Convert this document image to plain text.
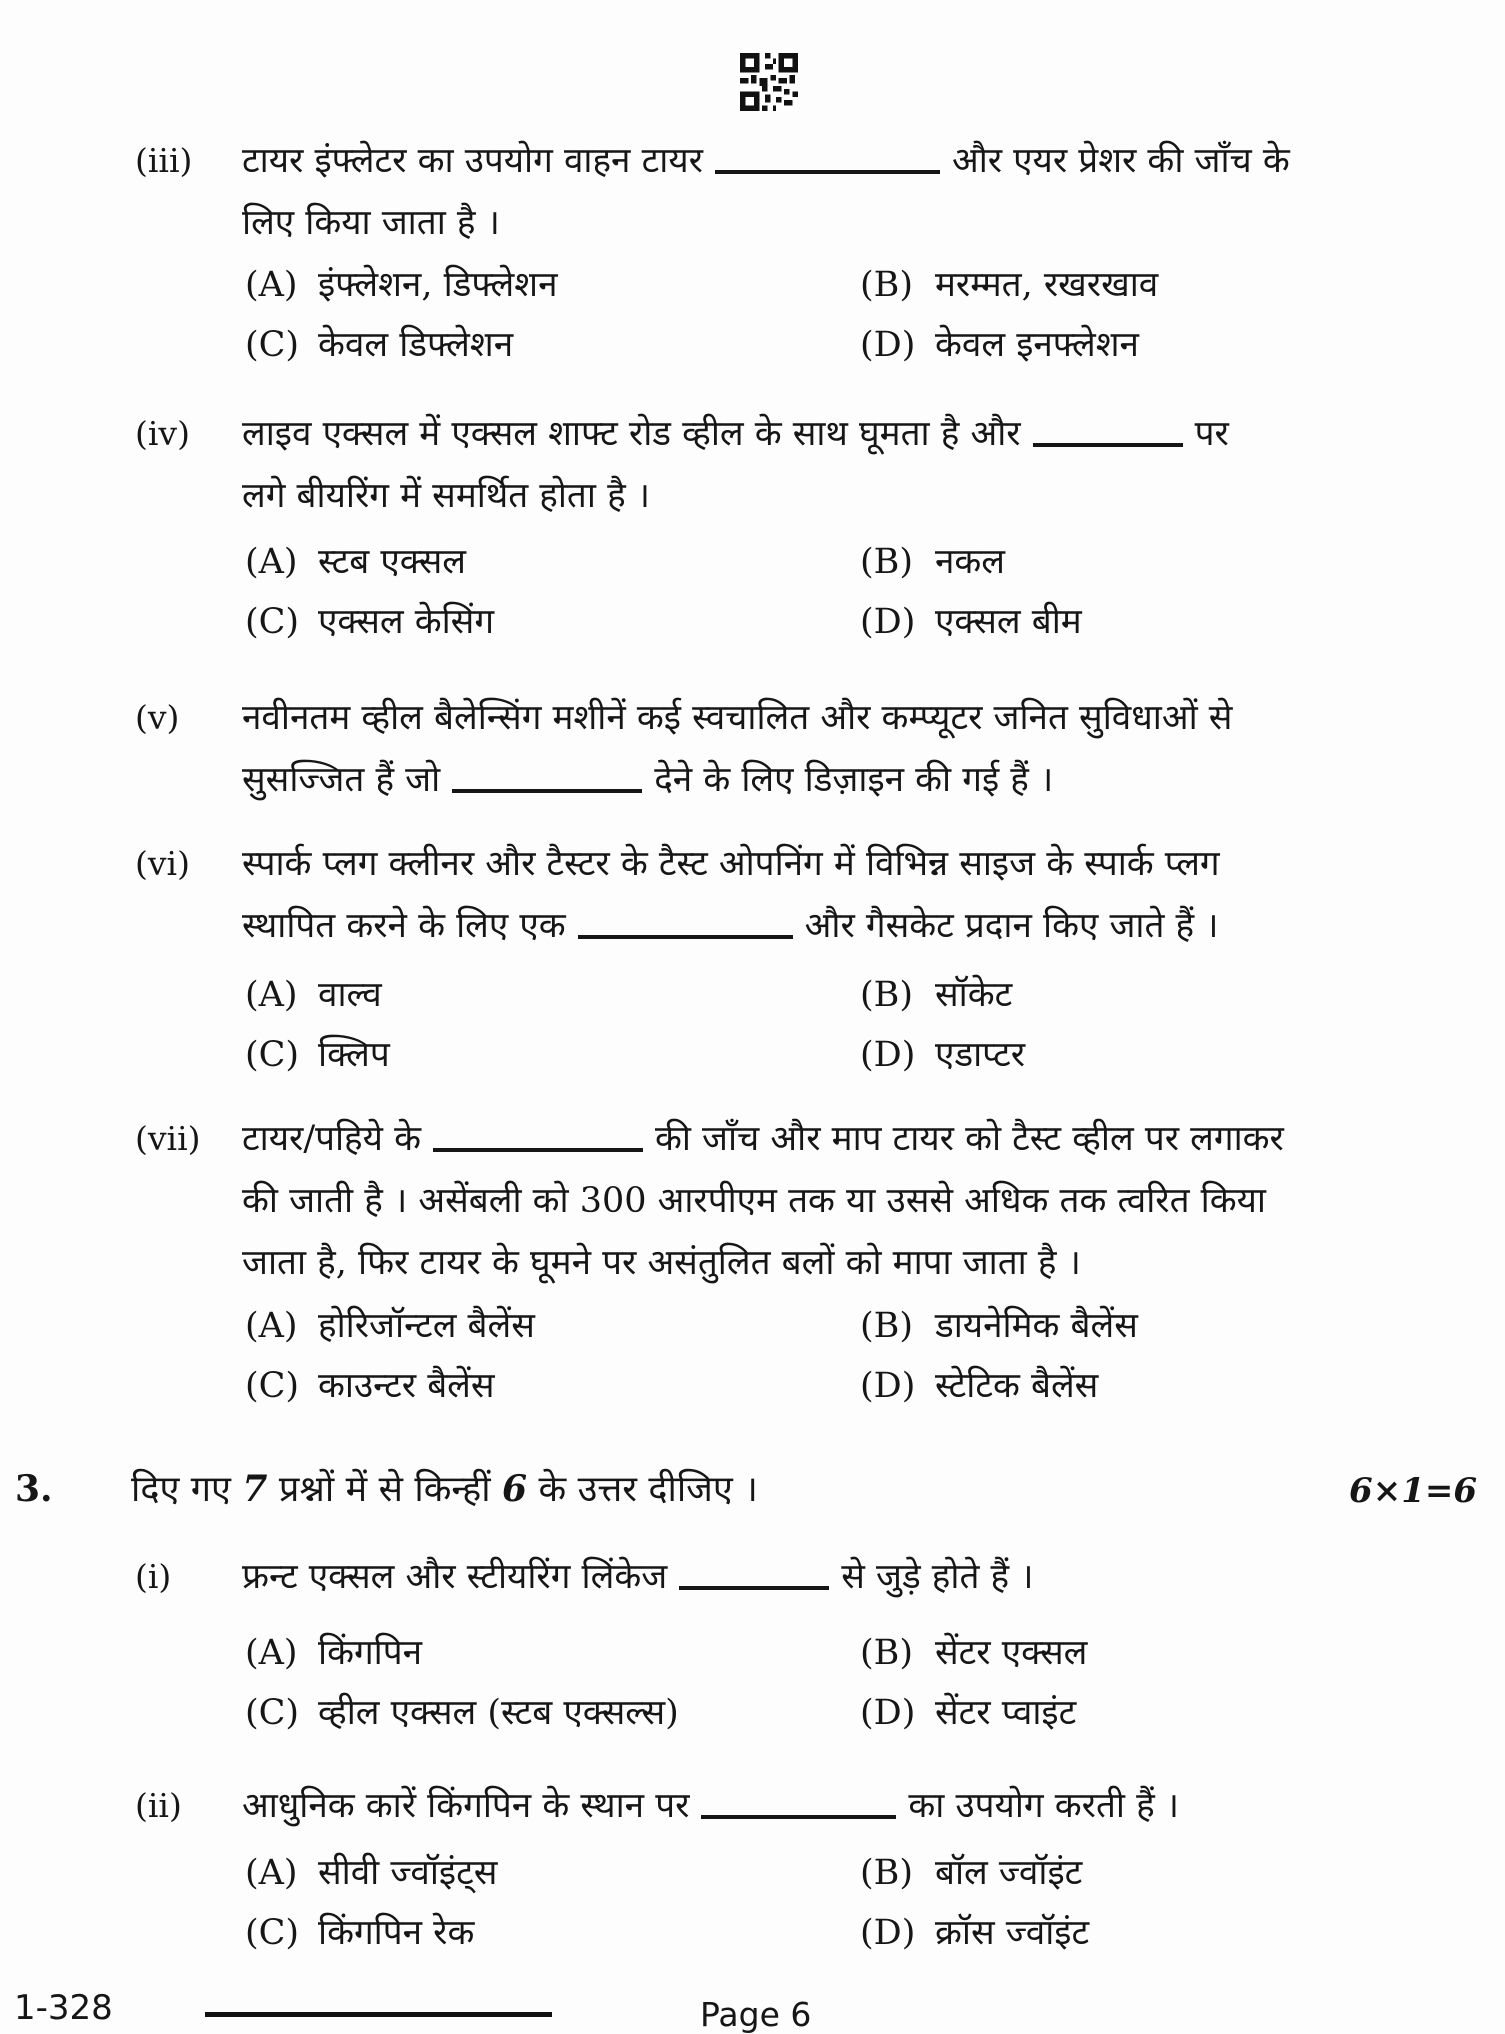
(iii) टायर इंफ्लेटर का उपयोग वाहन टायर	और एयर प्रेशर की जाँच के
लिए किया जाता है ।
(A) इंफ्लेशन, डिफ्लेशन	(B) मरम्मत, रखरखाव
(C) केवल डिफ्लेशन	(D) केवल इनफ्लेशन
(iv) लाइव एक्सल में एक्सल शाफ्ट रोड व्हील के साथ घूमता है और	पर
लगे बीयरिंग में समर्थित होता है ।
(A) स्टब एक्सल	(B) नकल
(C) एक्सल केसिंग	(D) एक्सल बीम
(v) नवीनतम व्हील बैलेन्सिंग मशीनें कई स्वचालित और कम्प्यूटर जनित सुविधाओं से
सुसज्जित हैं जो	देने के लिए डिज़ाइन की गई हैं ।
(vi) स्पार्क प्लग क्लीनर और टैस्टर के टैस्ट ओपनिंग में विभिन्न साइज के स्पार्क प्लग
स्थापित करने के लिए एक	और गैसकेट प्रदान किए जाते हैं ।
(A) वाल्व	(B) सॉकेट
(C) क्लिप	(D) एडाप्टर
(vii) टायर/पहिये के	की जाँच और माप टायर को टैस्ट व्हील पर लगाकर
की जाती है । असेंबली को 300 आरपीएम तक या उससे अधिक तक त्वरित किया
जाता है, फिर टायर के घूमने पर असंतुलित बलों को मापा जाता है ।
(A) होरिजॉन्टल बैलेंस	(B) डायनेमिक बैलेंस
(C) काउन्टर बैलेंस	(D) स्टेटिक बैलेंस
(i) फ्रन्ट एक्सल और स्टीयरिंग लिंकेज	से जुड़े होते हैं ।
(A) किंगपिन	(B) सेंटर एक्सल
(C) व्हील एक्सल (स्टब एक्सल्स)	(D) सेंटर प्वाइंट
(ii) आधुनिक कारें किंगपिन के स्थान पर	का उपयोग करती हैं ।
(A) सीवी ज्वॉइंट्स	(B) बॉल ज्वॉइंट
(C) किंगपिन रेक	(D) क्रॉस ज्वॉइंट
3. दिए गए 7 प्रश्नों में से किन्हीं 6 के उत्तर दीजिए ।	6×1=6
1-328	Page 6
